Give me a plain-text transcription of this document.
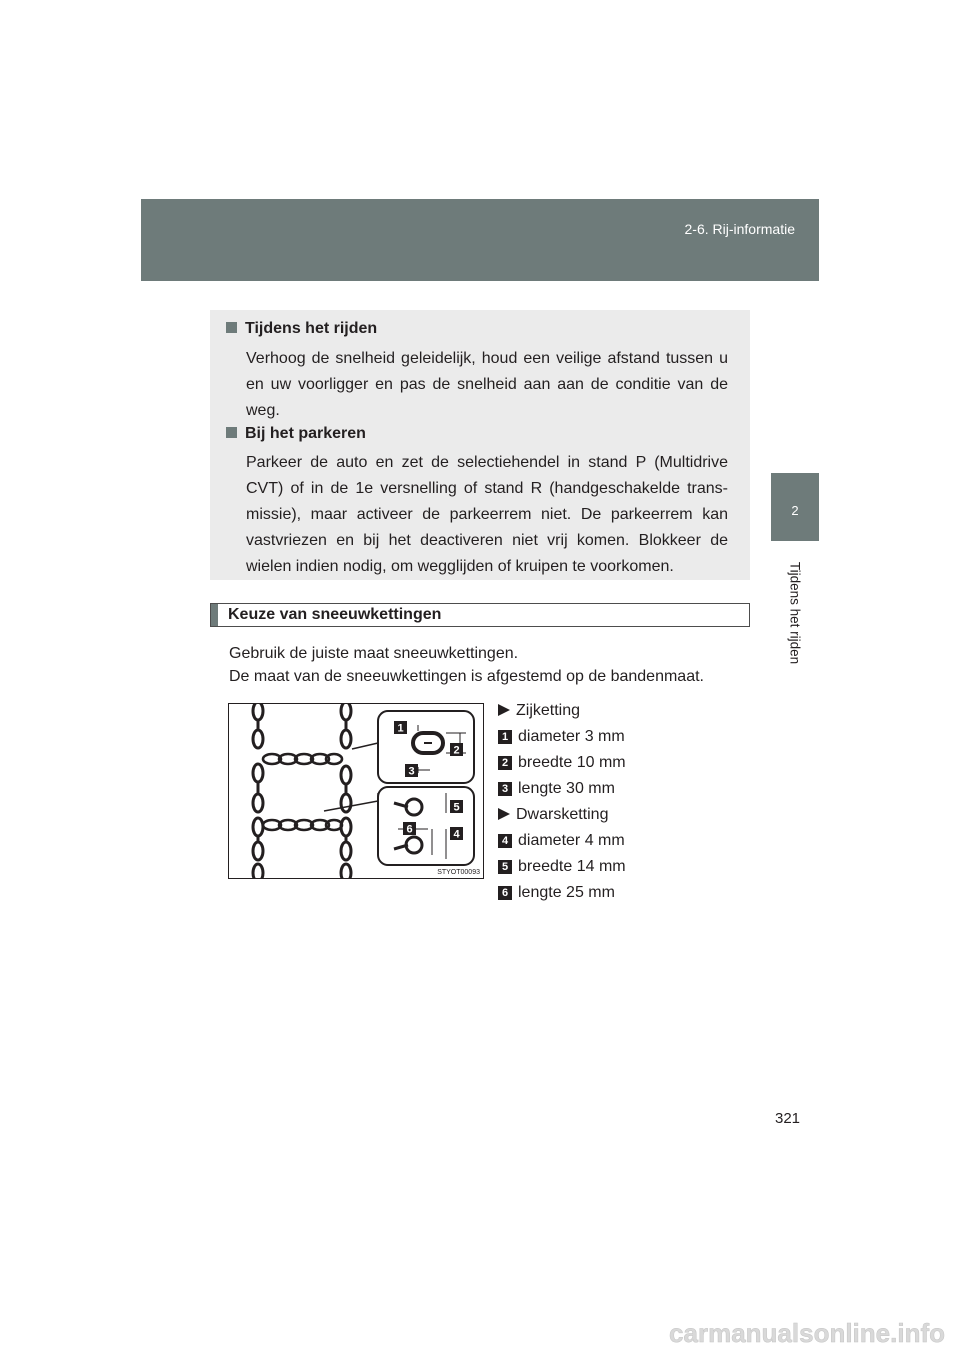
2-6. Rij-informatie
2
Tijdens het rijden
Tijdens het rijden
Verhoog de snelheid geleidelijk, houd een veilige afstand tussen u en uw voorligger en pas de snelheid aan aan de conditie van de weg.
Bij het parkeren
Parkeer de auto en zet de selectiehendel in stand P (Multidrive CVT) of in de 1e versnelling of stand R (handgeschakelde trans-missie), maar activeer de parkeerrem niet. De parkeerrem kan vastvriezen en bij het deactiveren niet vrij komen. Blokkeer de wielen indien nodig, om wegglijden of kruipen te voorkomen.
Keuze van sneeuwkettingen
Gebruik de juiste maat sneeuwkettingen.
De maat van de sneeuwkettingen is afgestemd op de bandenmaat.
1
2
3
4
5
6
STYOT00093
Zijketting
1 diameter 3 mm
2 breedte 10 mm
3 lengte 30 mm
Dwarsketting
4 diameter 4 mm
5 breedte 14 mm
6 lengte 25 mm
321
carmanualsonline.info
